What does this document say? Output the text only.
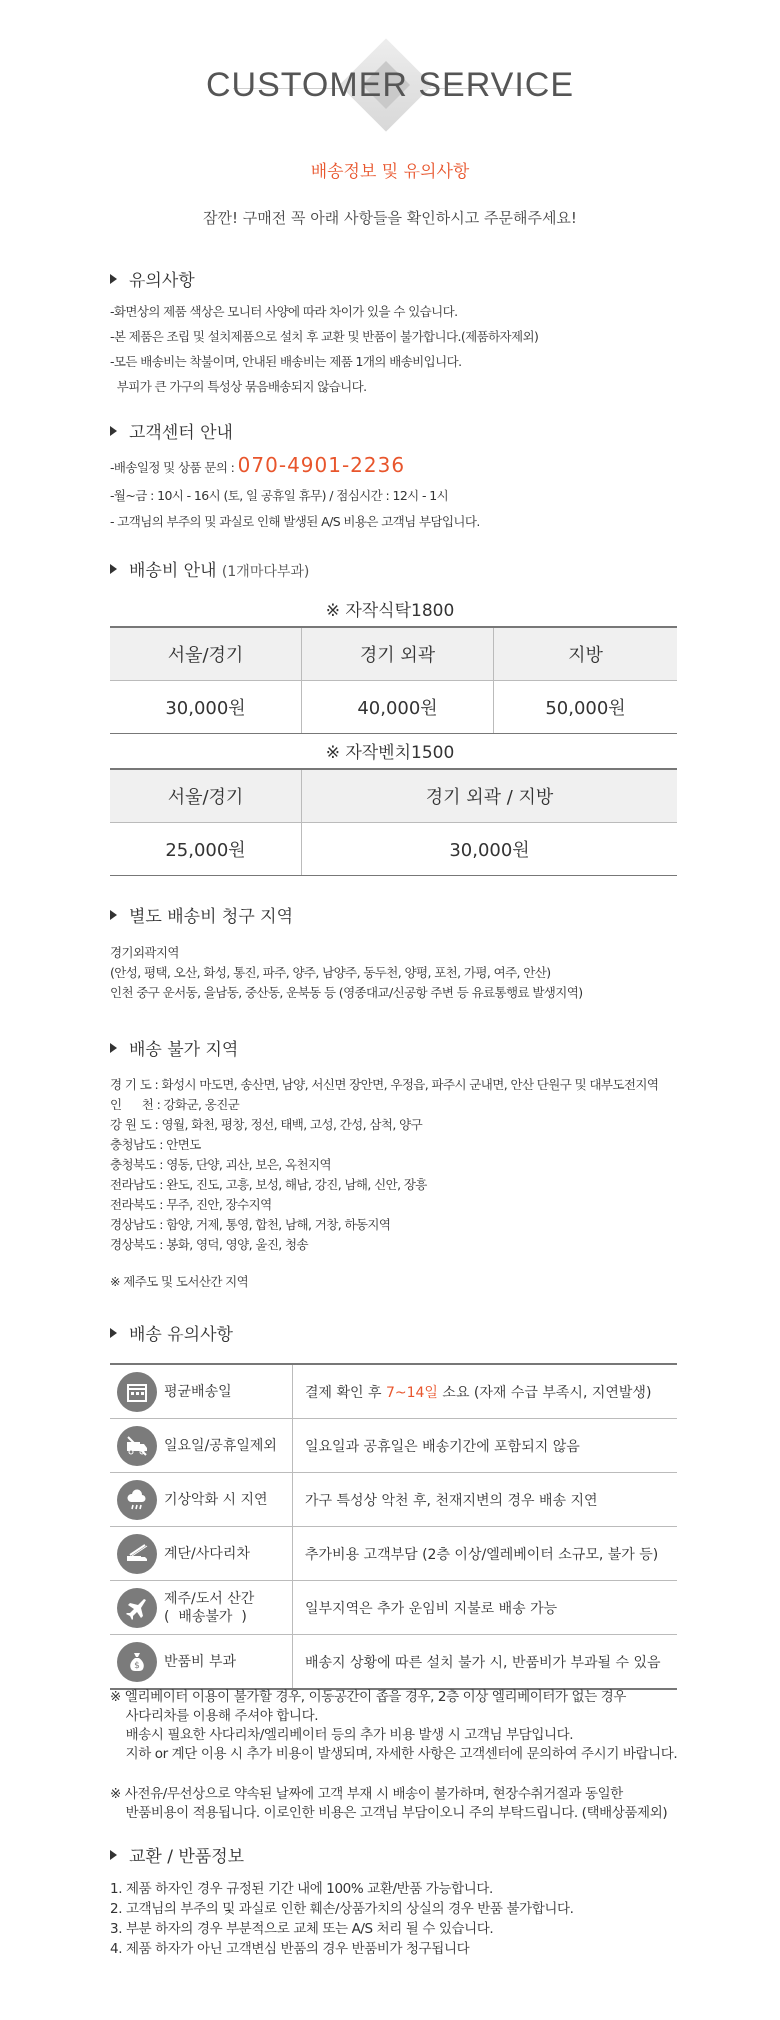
CUSTOMER SERVICE
배송정보 및 유의사항
잠깐! 구매전 꼭 아래 사항들을 확인하시고 주문해주세요!
유의사항
-화면상의 제품 색상은 모니터 사양에 따라 차이가 있을 수 있습니다.
-본 제품은 조립 및 설치제품으로 설치 후 교환 및 반품이 불가합니다.(제품하자제외)
-모든 배송비는 착불이며, 안내된 배송비는 제품 1개의 배송비입니다.
부피가 큰 가구의 특성상 묶음배송되지 않습니다.
고객센터 안내
-배송일정 및 상품 문의 : 070-4901-2236
-월~금 : 10시 - 16시 (토, 일 공휴일 휴무) / 점심시간 : 12시 - 1시
- 고객님의 부주의 및 과실로 인해 발생된 A/S 비용은 고객님 부담입니다.
배송비 안내 (1개마다부과)
※ 자작식탁1800
서울/경기	경기 외곽	지방
30,000원	40,000원	50,000원
※ 자작벤치1500
서울/경기	경기 외곽 / 지방
25,000원	30,000원
별도 배송비 청구 지역
경기외곽지역
(안성, 평택, 오산, 화성, 통진, 파주, 양주, 남양주, 동두천, 양평, 포천, 가평, 여주, 안산)
인천 중구 운서동, 을남동, 중산동, 운북동 등 (영종대교/신공항 주변 등 유료통행료 발생지역)
배송 불가 지역
경 기 도 : 화성시 마도면, 송산면, 남양, 서신면 장안면, 우정읍, 파주시 군내면, 안산 단원구 및 대부도전지역
인      천 : 강화군, 옹진군
강 원 도 : 영월, 화천, 평창, 정선, 태백, 고성, 간성, 삼척, 양구
충청남도 : 안면도
충청북도 : 영동, 단양, 괴산, 보은, 옥천지역
전라남도 : 완도, 진도, 고흥, 보성, 해남, 강진, 남해, 신안, 장흥
전라북도 : 무주, 진안, 장수지역
경상남도 : 함양, 거제, 통영, 합천, 남해, 거창, 하동지역
경상북도 : 봉화, 영덕, 영양, 울진, 청송
※ 제주도 및 도서산간 지역
배송 유의사항
	평균배송일	결제 확인 후 7~14일 소요 (자재 수급 부족시, 지연발생)

	일요일/공휴일제외	일요일과 공휴일은 배송기간에 포함되지 않음

	기상악화 시 지연	가구 특성상 악천 후, 천재지변의 경우 배송 지연

	계단/사다리차	추가비용 고객부담 (2층 이상/엘레베이터 소규모, 불가 등)

	제주/도서 산간
(  배송불가  )	일부지역은 추가 운임비 지불로 배송 가능

$	반품비 부과	배송지 상황에 따른 설치 불가 시, 반품비가 부과될 수 있음
※ 엘리베이터 이용이 불가할 경우, 이동공간이 좁을 경우, 2층 이상 엘리베이터가 없는 경우
사다리차를 이용해 주셔야 합니다.
배송시 필요한 사다리차/엘리베이터 등의 추가 비용 발생 시 고객님 부담입니다.
지하 or 계단 이용 시 추가 비용이 발생되며, 자세한 사항은 고객센터에 문의하여 주시기 바랍니다.
※ 사전유/무선상으로 약속된 날짜에 고객 부재 시 배송이 불가하며, 현장수취거절과 동일한
반품비용이 적용됩니다. 이로인한 비용은 고객님 부담이오니 주의 부탁드립니다. (택배상품제외)
교환 / 반품정보
1. 제품 하자인 경우 규정된 기간 내에 100% 교환/반품 가능합니다.
2. 고객님의 부주의 및 과실로 인한 훼손/상품가치의 상실의 경우 반품 불가합니다.
3. 부분 하자의 경우 부분적으로 교체 또는 A/S 처리 될 수 있습니다.
4. 제품 하자가 아닌 고객변심 반품의 경우 반품비가 청구됩니다
